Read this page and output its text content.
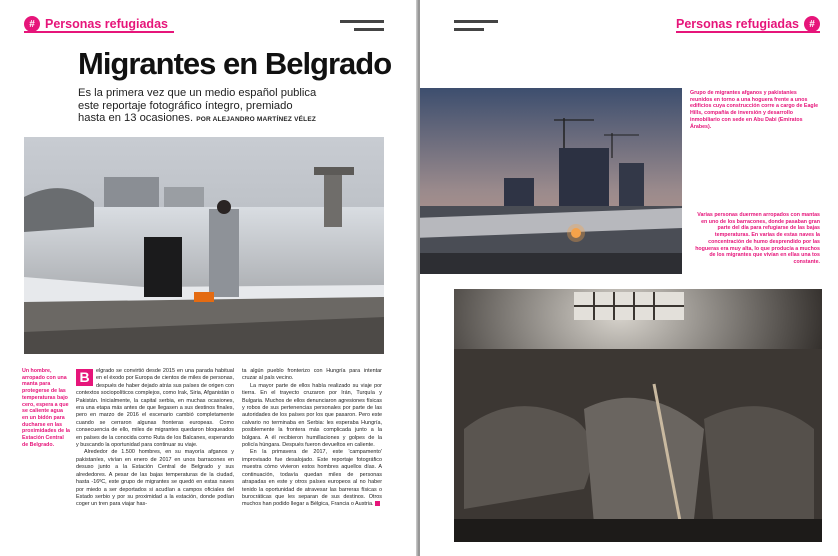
# Personas refugiadas
Migrantes en Belgrado
Es la primera vez que un medio español publica este reportaje fotográfico íntegro, premiado hasta en 13 ocasiones. POR ALEJANDRO MARTÍNEZ VÉLEZ
Un hombre, arropado con una manta para protegerse de las temperaturas bajo cero, espera a que se caliente agua en un bidón para ducharse en las proximidades de la Estación Central de Belgrado.

B	elgrado se convirtió desde 2015 en una parada habitual en el éxodo por Europa de cientos de miles de personas, después de haber dejado atrás sus países de origen con contextos sociopolíticos complejos, como Irak, Siria, Afganistán o Pakistán. Inicialmente, la capital serbia, en muchas ocasiones, era una etapa más antes de que llegasen a sus destinos finales, pero en marzo de 2016 el escenario cambió completamente cuando se cerraron algunas fronteras europeas. Como consecuencia de ello, miles de migrantes quedaron bloqueados en países de la conocida como Ruta de los Balcanes, esperando y buscando la oportunidad para continuar su viaje.

Alrededor de 1.500 hombres, en su mayoría afganos y pakistaníes, vivían en enero de 2017 en unos barracones en desuso junto a la Estación Central de Belgrado y sus alrededores. A pesar de las bajas temperaturas de la ciudad, hasta -16ºC, este grupo de migrantes se quedó en estas naves por miedo a ser deportados si acudían a campos oficiales del Estado serbio y por su proximidad a la estación, donde podían coger un tren para viajar has-

ta algún pueblo fronterizo con Hungría para intentar cruzar al país vecino.

La mayor parte de ellos había realizado su viaje por tierra. En el trayecto cruzaron por Irán, Turquía y Bulgaria. Muchos de ellos denunciaron agresiones físicas y robos de sus pertenencias personales por parte de las autoridades de los países por los que pasaron. Pero este calvario no terminaba en Serbia: les esperaba Hungría, posiblemente la frontera más complicada junto a la búlgara. A él recibieron humillaciones y golpes de la policía húngara. Después fueron devueltos en caliente.

En la primavera de 2017, este 'campamento' improvisado fue desalojado. Este reportaje fotográfico muestra cómo vivieron estos hombres aquellos días. A continuación, todavía quedan miles de personas atrapadas en este y otros países europeos al no haber tenido la oportunidad de atravesar las barreras físicas o burocráticas que les separan de sus destinos. Otros muchos han podido llegar a Bélgica, Francia o Austria.

Personas refugiadas	#
Grupo de migrantes afganos y pakistaníes reunidos en torno a una hoguera frente a unos edificios cuya construcción corre a cargo de Eagle Hills, compañía de inversión y desarrollo inmobiliario con sede en Abu Dabi (Emiratos Árabes).
Varias personas duermen arropados con mantas en uno de los barracones, donde pasaban gran parte del día para refugiarse de las bajas temperaturas. En varias de estas naves la concentración de humo desprendido por las hogueras era muy alta, lo que producía a muchos de los migrantes que vivían en ellas una tos constante.
